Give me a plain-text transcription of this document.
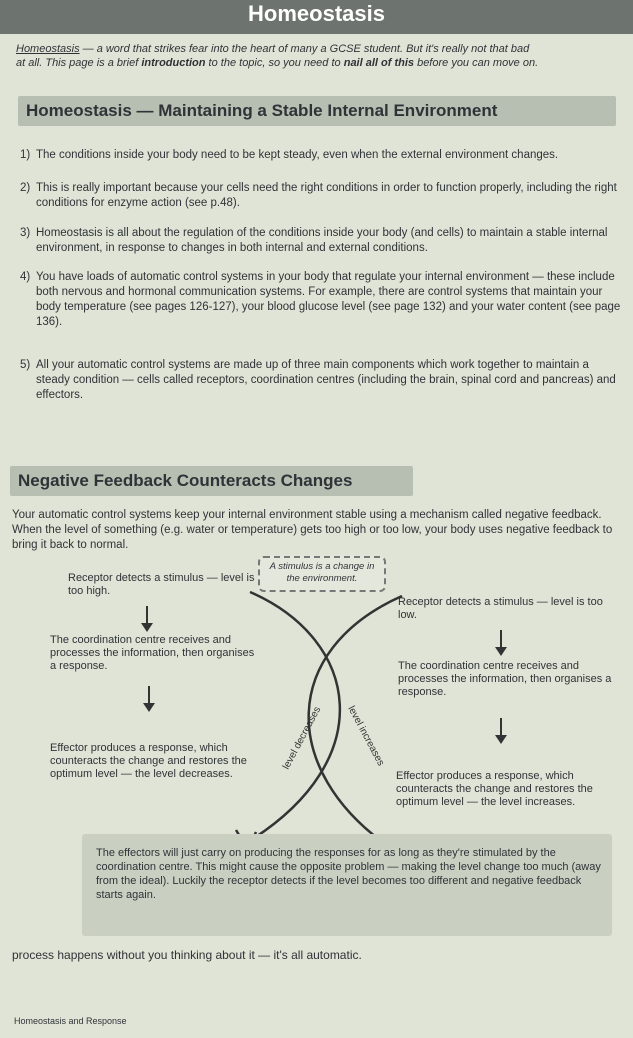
Homeostasis
Homeostasis — a word that strikes fear into the heart of many a GCSE student. But it's really not that bad
at all. This page is a brief introduction to the topic, so you need to nail all of this before you can move on.
Homeostasis — Maintaining a Stable Internal Environment
1) The conditions inside your body need to be kept steady, even when the external environment changes.
2) This is really important because your cells need the right conditions in order to function properly, including the right conditions for enzyme action (see p.48).
3) Homeostasis is all about the regulation of the conditions inside your body (and cells) to maintain a stable internal environment, in response to changes in both internal and external conditions.
4) You have loads of automatic control systems in your body that regulate your internal environment — these include both nervous and hormonal communication systems. For example, there are control systems that maintain your body temperature (see pages 126-127), your blood glucose level (see page 132) and your water content (see page 136).
5) All your automatic control systems are made up of three main components which work together to maintain a steady condition — cells called receptors, coordination centres (including the brain, spinal cord and pancreas) and effectors.
Negative Feedback Counteracts Changes
Your automatic control systems keep your internal environment stable using a mechanism called negative feedback. When the level of something (e.g. water or temperature) gets too high or too low, your body uses negative feedback to bring it back to normal.
A stimulus is a change in the environment.
Receptor detects a stimulus — level is too high.
The coordination centre receives and processes the information, then organises a response.
Effector produces a response, which counteracts the change and restores the optimum level — the level decreases.
Receptor detects a stimulus — level is too low.
The coordination centre receives and processes the information, then organises a response.
Effector produces a response, which counteracts the change and restores the optimum level — the level increases.
level decreases level increases
The effectors will just carry on producing the responses for as long as they're stimulated by the coordination centre. This might cause the opposite problem — making the level change too much (away from the ideal). Luckily the receptor detects if the level becomes too different and negative feedback starts again.
process happens without you thinking about it — it's all automatic.
Homeostasis and Response
